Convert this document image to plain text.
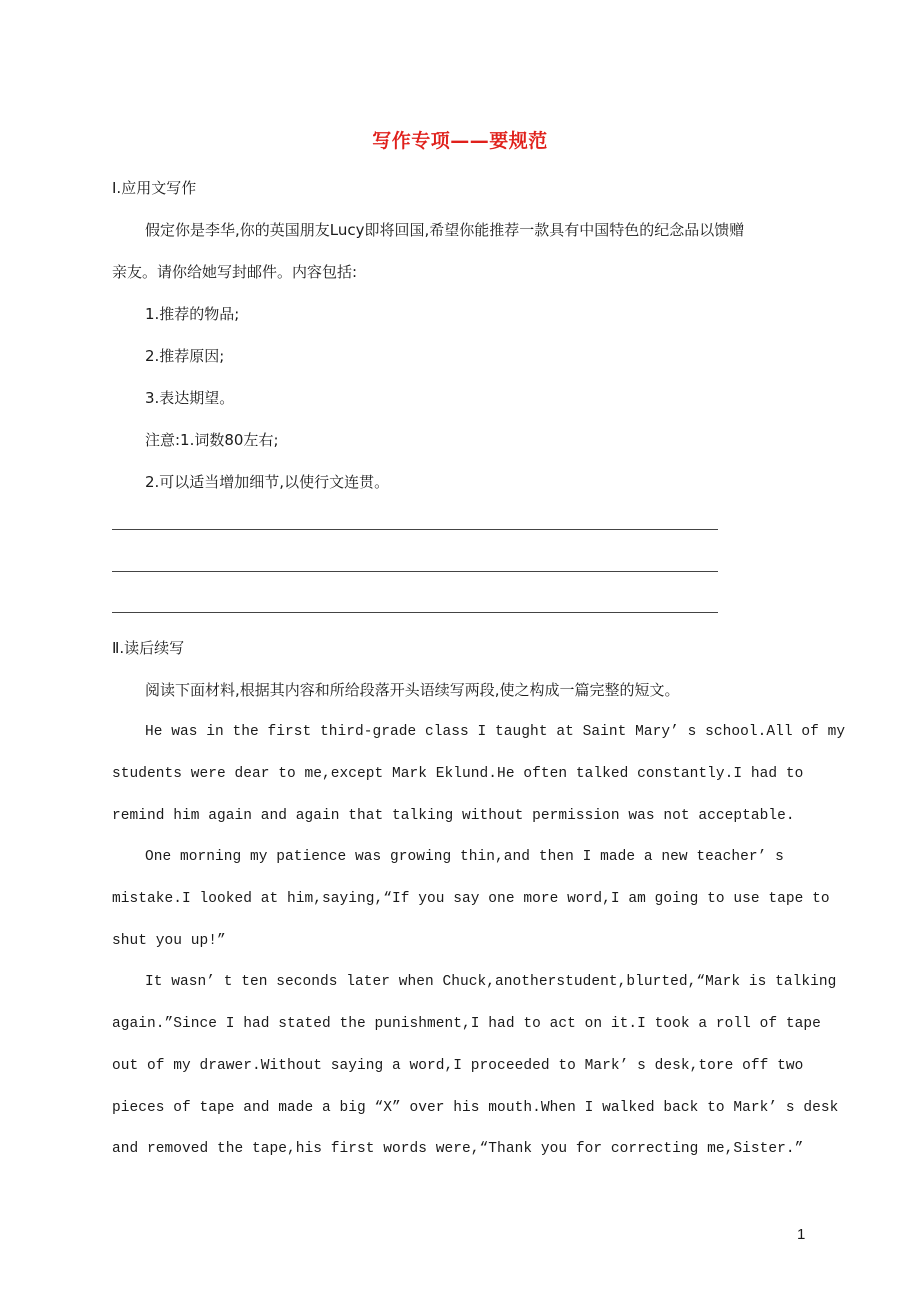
写作专项——要规范
Ⅰ.应用文写作
假定你是李华,你的英国朋友Lucy即将回国,希望你能推荐一款具有中国特色的纪念品以馈赠
亲友。请你给她写封邮件。内容包括:
1.推荐的物品;
2.推荐原因;
3.表达期望。
注意:1.词数80左右;
2.可以适当增加细节,以使行文连贯。
Ⅱ.读后续写
阅读下面材料,根据其内容和所给段落开头语续写两段,使之构成一篇完整的短文。
He was in the first third-grade class I taught at Saint Mary’ s school.All of my
students were dear to me,except Mark Eklund.He often talked constantly.I had to
remind him again and again that talking without permission was not acceptable.
One morning my patience was growing thin,and then I made a new teacher’ s
mistake.I looked at him,saying,“If you say one more word,I am going to use tape to
shut you up!”
It wasn’ t ten seconds later when Chuck,anotherstudent,blurted,“Mark is talking
again.”Since I had stated the punishment,I had to act on it.I took a roll of tape
out of my drawer.Without saying a word,I proceeded to Mark’ s desk,tore off two
pieces of tape and made a big “X” over his mouth.When I walked back to Mark’ s desk
and removed the tape,his first words were,“Thank you for correcting me,Sister.”
1
